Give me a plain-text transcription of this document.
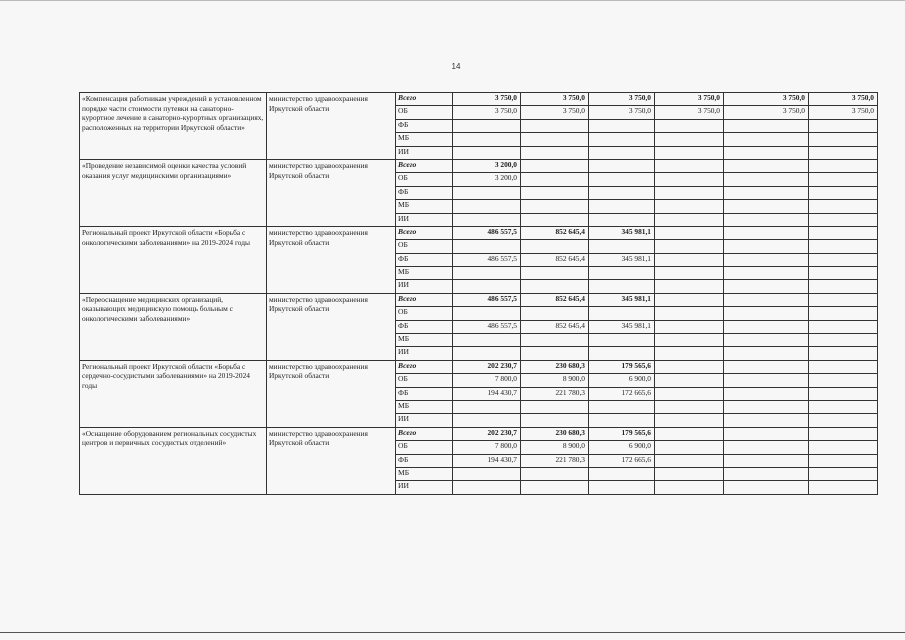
14
«Компенсация работникам учреждений в установленном порядке части стоимости путевки на санаторно-курортное лечение в санаторно-курортных организациях, расположенных на территории Иркутской области»	министерство здравоохранения Иркутской области	Всего	3 750,0	3 750,0	3 750,0	3 750,0	3 750,0	3 750,0
		ОБ	3 750,0	3 750,0	3 750,0	3 750,0	3 750,0	3 750,0
		ФБ						
		МБ						
		ИИ						
«Проведение независимой оценки качества условий оказания услуг медицинскими организациями»	министерство здравоохранения Иркутской области	Всего	3 200,0					
		ОБ	3 200,0					
		ФБ						
		МБ						
		ИИ						
Региональный проект Иркутской области «Борьба с онкологическими заболеваниями» на 2019-2024 годы	министерство здравоохранения Иркутской области	Всего	486 557,5	852 645,4	345 981,1			
		ОБ						
		ФБ	486 557,5	852 645,4	345 981,1			
		МБ						
		ИИ						
«Переоснащение медицинских организаций, оказывающих медицинскую помощь больным с онкологическими заболеваниями»	министерство здравоохранения Иркутской области	Всего	486 557,5	852 645,4	345 981,1			
		ОБ						
		ФБ	486 557,5	852 645,4	345 981,1			
		МБ						
		ИИ						
Региональный проект Иркутской области «Борьба с сердечно-сосудистыми заболеваниями» на 2019-2024 годы	министерство здравоохранения Иркутской области	Всего	202 230,7	230 680,3	179 565,6			
		ОБ	7 800,0	8 900,0	6 900,0			
		ФБ	194 430,7	221 780,3	172 665,6			
		МБ						
		ИИ						
«Оснащение оборудованием региональных сосудистых центров и первичных сосудистых отделений»	министерство здравоохранения Иркутской области	Всего	202 230,7	230 680,3	179 565,6			
		ОБ	7 800,0	8 900,0	6 900,0			
		ФБ	194 430,7	221 780,3	172 665,6			
		МБ						
		ИИ						
